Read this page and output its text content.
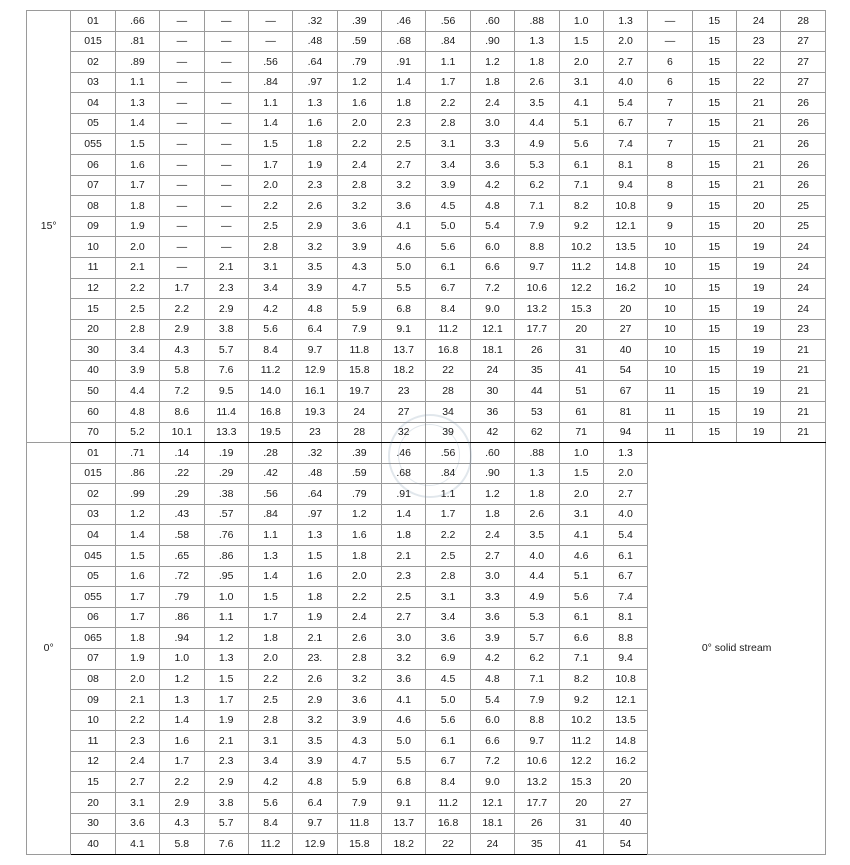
15°	01	.66	—	—	—	.32	.39	.46	.56	.60	.88	1.0	1.3	—	15	24	28
	015	.81	—	—	—	.48	.59	.68	.84	.90	1.3	1.5	2.0	—	15	23	27
	02	.89	—	—	.56	.64	.79	.91	1.1	1.2	1.8	2.0	2.7	6	15	22	27
	03	1.1	—	—	.84	.97	1.2	1.4	1.7	1.8	2.6	3.1	4.0	6	15	22	27
	04	1.3	—	—	1.1	1.3	1.6	1.8	2.2	2.4	3.5	4.1	5.4	7	15	21	26
	05	1.4	—	—	1.4	1.6	2.0	2.3	2.8	3.0	4.4	5.1	6.7	7	15	21	26
	055	1.5	—	—	1.5	1.8	2.2	2.5	3.1	3.3	4.9	5.6	7.4	7	15	21	26
	06	1.6	—	—	1.7	1.9	2.4	2.7	3.4	3.6	5.3	6.1	8.1	8	15	21	26
	07	1.7	—	—	2.0	2.3	2.8	3.2	3.9	4.2	6.2	7.1	9.4	8	15	21	26
	08	1.8	—	—	2.2	2.6	3.2	3.6	4.5	4.8	7.1	8.2	10.8	9	15	20	25
	09	1.9	—	—	2.5	2.9	3.6	4.1	5.0	5.4	7.9	9.2	12.1	9	15	20	25
	10	2.0	—	—	2.8	3.2	3.9	4.6	5.6	6.0	8.8	10.2	13.5	10	15	19	24
	11	2.1	—	2.1	3.1	3.5	4.3	5.0	6.1	6.6	9.7	11.2	14.8	10	15	19	24
	12	2.2	1.7	2.3	3.4	3.9	4.7	5.5	6.7	7.2	10.6	12.2	16.2	10	15	19	24
	15	2.5	2.2	2.9	4.2	4.8	5.9	6.8	8.4	9.0	13.2	15.3	20	10	15	19	24
	20	2.8	2.9	3.8	5.6	6.4	7.9	9.1	11.2	12.1	17.7	20	27	10	15	19	23
	30	3.4	4.3	5.7	8.4	9.7	11.8	13.7	16.8	18.1	26	31	40	10	15	19	21
	40	3.9	5.8	7.6	11.2	12.9	15.8	18.2	22	24	35	41	54	10	15	19	21
	50	4.4	7.2	9.5	14.0	16.1	19.7	23	28	30	44	51	67	11	15	19	21
	60	4.8	8.6	11.4	16.8	19.3	24	27	34	36	53	61	81	11	15	19	21
	70	5.2	10.1	13.3	19.5	23	28	32	39	42	62	71	94	11	15	19	21
0°	01	.71	.14	.19	.28	.32	.39	.46	.56	.60	.88	1.0	1.3	0° solid stream			
	015	.86	.22	.29	.42	.48	.59	.68	.84	.90	1.3	1.5	2.0				
	02	.99	.29	.38	.56	.64	.79	.91	1.1	1.2	1.8	2.0	2.7				
	03	1.2	.43	.57	.84	.97	1.2	1.4	1.7	1.8	2.6	3.1	4.0				
	04	1.4	.58	.76	1.1	1.3	1.6	1.8	2.2	2.4	3.5	4.1	5.4				
	045	1.5	.65	.86	1.3	1.5	1.8	2.1	2.5	2.7	4.0	4.6	6.1				
	05	1.6	.72	.95	1.4	1.6	2.0	2.3	2.8	3.0	4.4	5.1	6.7				
	055	1.7	.79	1.0	1.5	1.8	2.2	2.5	3.1	3.3	4.9	5.6	7.4				
	06	1.7	.86	1.1	1.7	1.9	2.4	2.7	3.4	3.6	5.3	6.1	8.1				
	065	1.8	.94	1.2	1.8	2.1	2.6	3.0	3.6	3.9	5.7	6.6	8.8				
	07	1.9	1.0	1.3	2.0	23.	2.8	3.2	6.9	4.2	6.2	7.1	9.4				
	08	2.0	1.2	1.5	2.2	2.6	3.2	3.6	4.5	4.8	7.1	8.2	10.8				
	09	2.1	1.3	1.7	2.5	2.9	3.6	4.1	5.0	5.4	7.9	9.2	12.1				
	10	2.2	1.4	1.9	2.8	3.2	3.9	4.6	5.6	6.0	8.8	10.2	13.5				
	11	2.3	1.6	2.1	3.1	3.5	4.3	5.0	6.1	6.6	9.7	11.2	14.8				
	12	2.4	1.7	2.3	3.4	3.9	4.7	5.5	6.7	7.2	10.6	12.2	16.2				
	15	2.7	2.2	2.9	4.2	4.8	5.9	6.8	8.4	9.0	13.2	15.3	20				
	20	3.1	2.9	3.8	5.6	6.4	7.9	9.1	11.2	12.1	17.7	20	27				
	30	3.6	4.3	5.7	8.4	9.7	11.8	13.7	16.8	18.1	26	31	40				
	40	4.1	5.8	7.6	11.2	12.9	15.8	18.2	22	24	35	41	54				
